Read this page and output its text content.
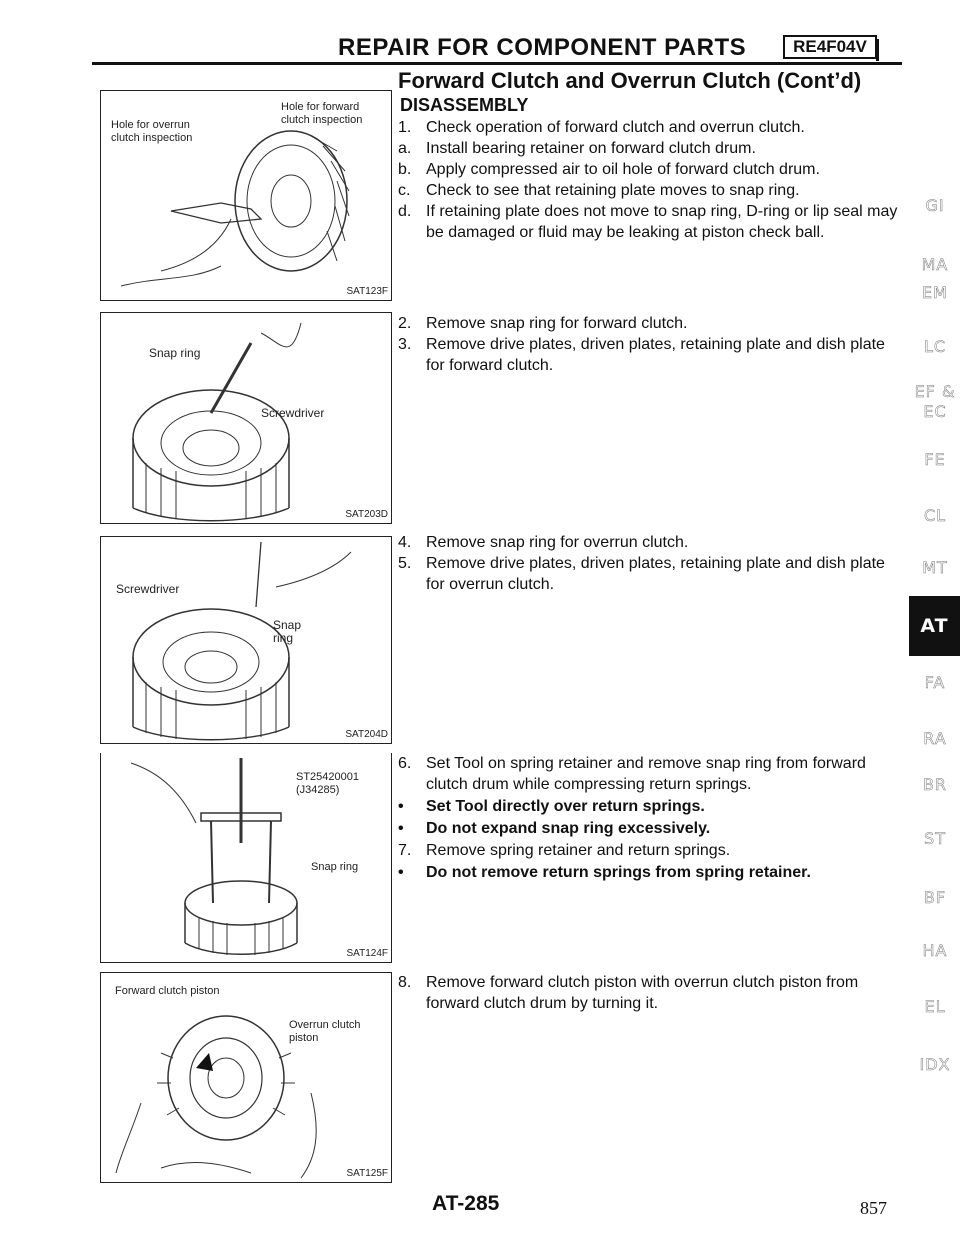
REPAIR FOR COMPONENT PARTS	RE4F04V
Forward Clutch and Overrun Clutch (Cont’d)
DISASSEMBLY
1. Check operation of forward clutch and overrun clutch.
a. Install bearing retainer on forward clutch drum.
b. Apply compressed air to oil hole of forward clutch drum.
c. Check to see that retaining plate moves to snap ring.
d. If retaining plate does not move to snap ring, D-ring or lip seal may be damaged or fluid may be leaking at piston check ball.
2. Remove snap ring for forward clutch.
3. Remove drive plates, driven plates, retaining plate and dish plate for forward clutch.
4. Remove snap ring for overrun clutch.
5. Remove drive plates, driven plates, retaining plate and dish plate for overrun clutch.
6. Set Tool on spring retainer and remove snap ring from forward clutch drum while compressing return springs.
•	Set Tool directly over return springs.
•	Do not expand snap ring excessively.
7. Remove spring retainer and return springs.
•	Do not remove return springs from spring retainer.
8. Remove forward clutch piston with overrun clutch piston from forward clutch drum by turning it.
Hole for overrun clutch inspection
Hole for forward clutch inspection
SAT123F
Snap ring
Screwdriver
SAT203D
Screwdriver
Snap ring
SAT204D
ST25420001 (J34285)
Snap ring
SAT124F
Forward clutch piston
Overrun clutch piston
SAT125F
GI
MA
EM
LC
EF & EC
FE
CL
MT
AT
FA
RA
BR
ST
BF
HA
EL
IDX
AT-285	857
